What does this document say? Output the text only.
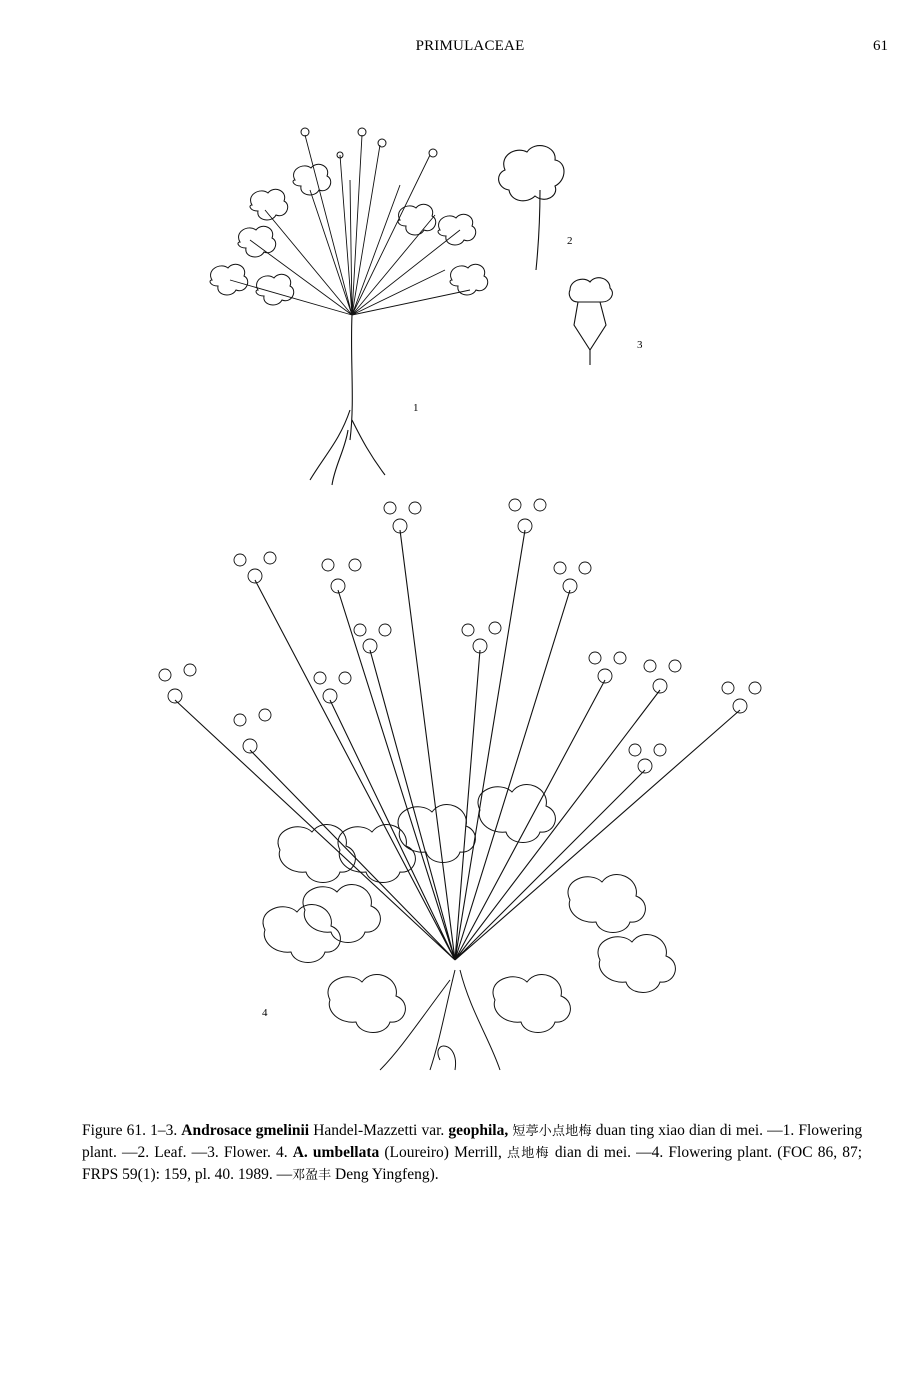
PRIMULACEAE	61
1
2
3
4
Figure 61. 1–3. Androsace gmelinii Handel-Mazzetti var. geophila, 短葶小点地梅 duan ting xiao dian di mei. —1. Flowering plant. —2. Leaf. —3. Flower. 4. A. umbellata (Loureiro) Merrill, 点地梅 dian di mei. —4. Flowering plant. (FOC 86, 87; FRPS 59(1): 159, pl. 40. 1989. —邓盈丰 Deng Yingfeng).
